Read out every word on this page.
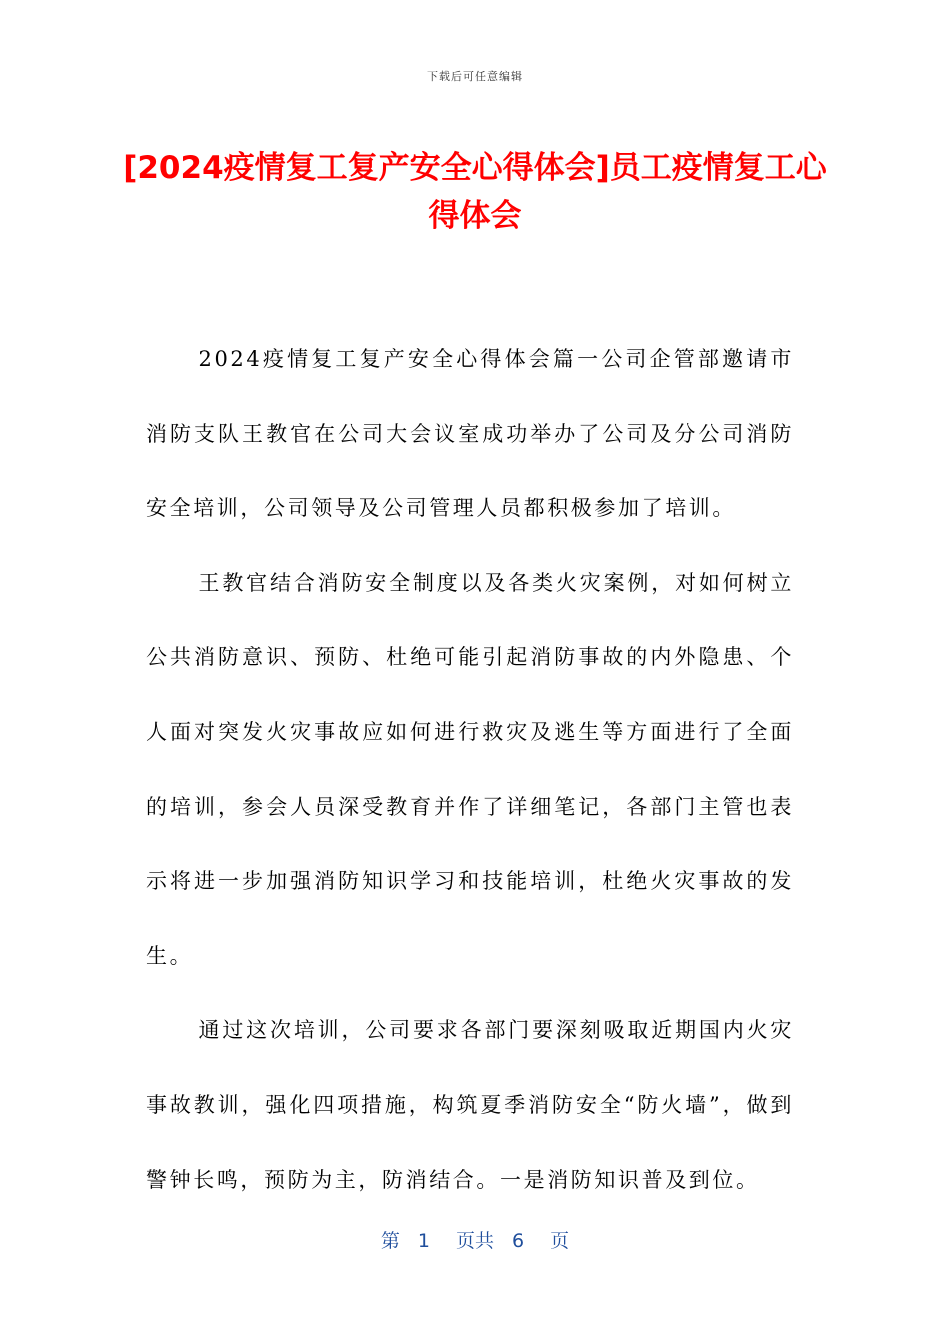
下载后可任意编辑
[2024疫情复工复产安全心得体会]员工疫情复工心得体会

2024疫情复工复产安全心得体会篇一公司企管部邀请市消防支队王教官在公司大会议室成功举办了公司及分公司消防安全培训，公司领导及公司管理人员都积极参加了培训。

王教官结合消防安全制度以及各类火灾案例，对如何树立公共消防意识、预防、杜绝可能引起消防事故的内外隐患、个人面对突发火灾事故应如何进行救灾及逃生等方面进行了全面的培训，参会人员深受教育并作了详细笔记，各部门主管也表示将进一步加强消防知识学习和技能培训，杜绝火灾事故的发生。

通过这次培训，公司要求各部门要深刻吸取近期国内火灾事故教训，强化四项措施，构筑夏季消防安全“防火墙”，做到警钟长鸣，预防为主，防消结合。一是消防知识普及到位。

第 1 页共 6 页
